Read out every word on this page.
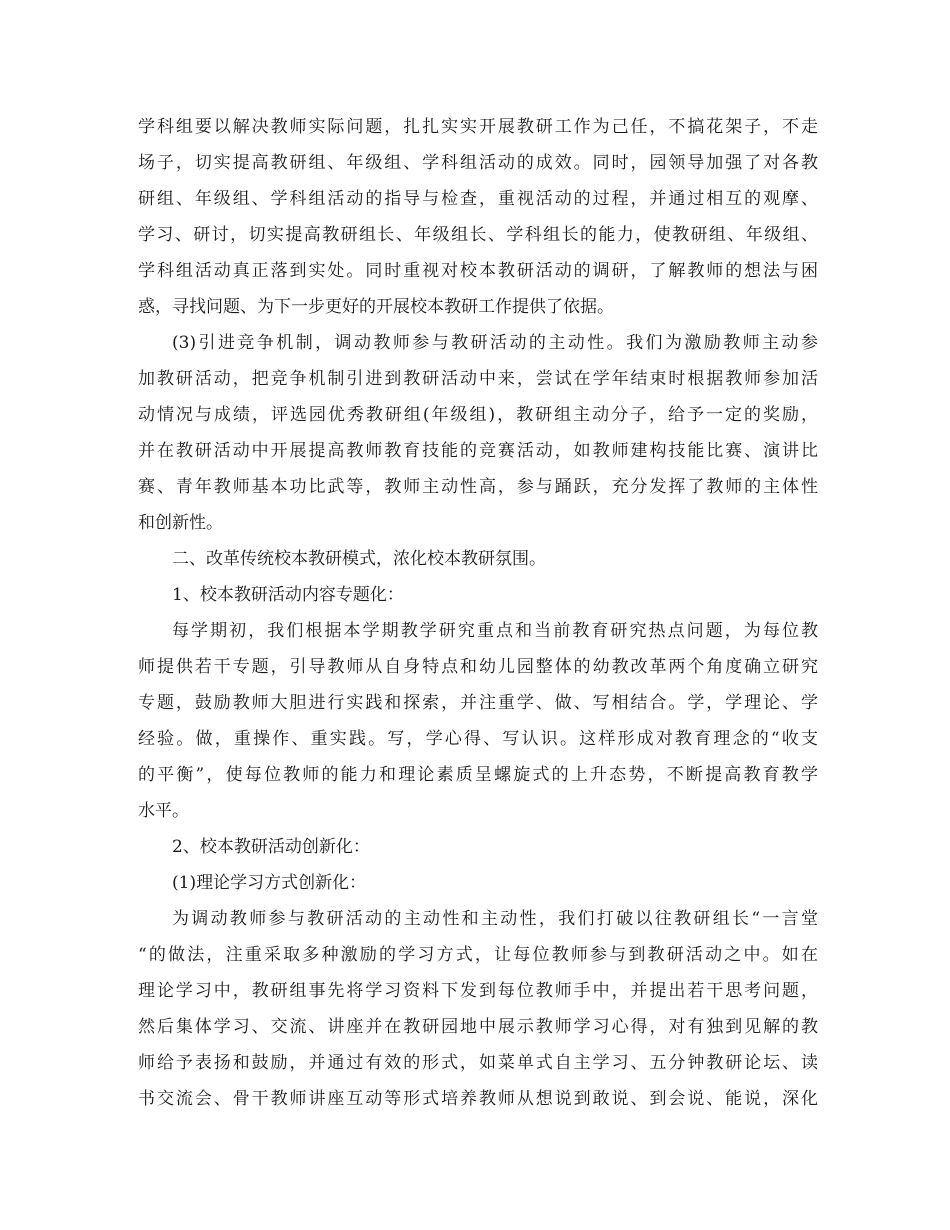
学科组要以解决教师实际问题，扎扎实实开展教研工作为己任，不搞花架子，不走
场子，切实提高教研组、年级组、学科组活动的成效。同时，园领导加强了对各教
研组、年级组、学科组活动的指导与检查，重视活动的过程，并通过相互的观摩、
学习、研讨，切实提高教研组长、年级组长、学科组长的能力，使教研组、年级组、
学科组活动真正落到实处。同时重视对校本教研活动的调研，了解教师的想法与困
惑，寻找问题、为下一步更好的开展校本教研工作提供了依据。
(3)引进竞争机制，调动教师参与教研活动的主动性。我们为激励教师主动参
加教研活动，把竞争机制引进到教研活动中来，尝试在学年结束时根据教师参加活
动情况与成绩，评选园优秀教研组(年级组)，教研组主动分子，给予一定的奖励，
并在教研活动中开展提高教师教育技能的竞赛活动，如教师建构技能比赛、演讲比
赛、青年教师基本功比武等，教师主动性高，参与踊跃，充分发挥了教师的主体性
和创新性。
二、改革传统校本教研模式，浓化校本教研氛围。
1、校本教研活动内容专题化：
每学期初，我们根据本学期教学研究重点和当前教育研究热点问题，为每位教
师提供若干专题，引导教师从自身特点和幼儿园整体的幼教改革两个角度确立研究
专题，鼓励教师大胆进行实践和探索，并注重学、做、写相结合。学，学理论、学
经验。做，重操作、重实践。写，学心得、写认识。这样形成对教育理念的“收支
的平衡”，使每位教师的能力和理论素质呈螺旋式的上升态势，不断提高教育教学
水平。
2、校本教研活动创新化：
(1)理论学习方式创新化：
为调动教师参与教研活动的主动性和主动性，我们打破以往教研组长“一言堂
“的做法，注重采取多种激励的学习方式，让每位教师参与到教研活动之中。如在
理论学习中，教研组事先将学习资料下发到每位教师手中，并提出若干思考问题，
然后集体学习、交流、讲座并在教研园地中展示教师学习心得，对有独到见解的教
师给予表扬和鼓励，并通过有效的形式，如菜单式自主学习、五分钟教研论坛、读
书交流会、骨干教师讲座互动等形式培养教师从想说到敢说、到会说、能说，深化
